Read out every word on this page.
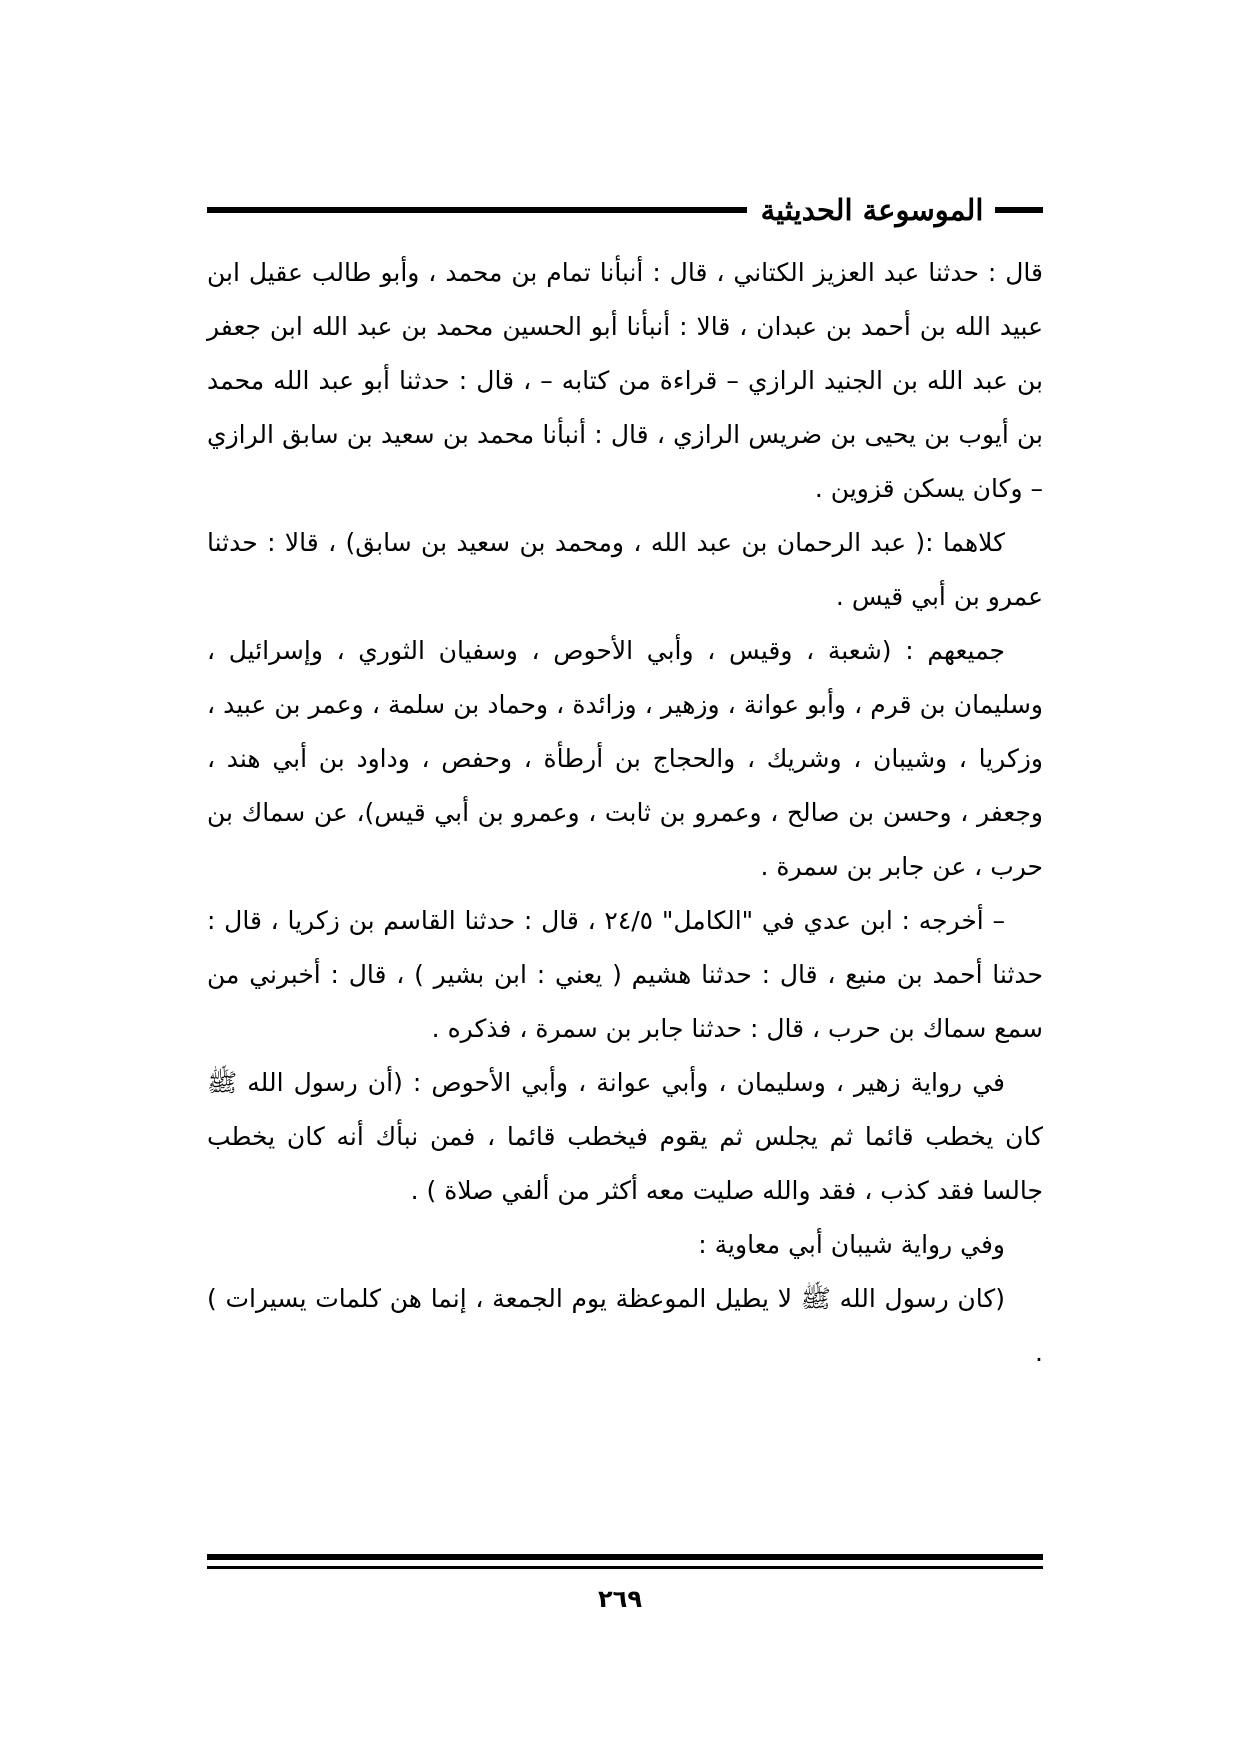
الموسوعة الحديثية

قال : حدثنا عبد العزيز الكتاني ، قال : أنبأنا تمام بن محمد ، وأبو طالب عقيل ابن عبيد الله بن أحمد بن عبدان ، قالا : أنبأنا أبو الحسين محمد بن عبد الله ابن جعفر بن عبد الله بن الجنيد الرازي – قراءة من كتابه – ، قال : حدثنا أبو عبد الله محمد بن أيوب بن يحيى بن ضريس الرازي ، قال : أنبأنا محمد بن سعيد بن سابق الرازي – وكان يسكن قزوين .

كلاهما :( عبد الرحمان بن عبد الله ، ومحمد بن سعيد بن سابق) ، قالا : حدثنا عمرو بن أبي قيس .

جميعهم : (شعبة ، وقيس ، وأبي الأحوص ، وسفيان الثوري ، وإسرائيل ، وسليمان بن قرم ، وأبو عوانة ، وزهير ، وزائدة ، وحماد بن سلمة ، وعمر بن عبيد ، وزكريا ، وشيبان ، وشريك ، والحجاج بن أرطأة ، وحفص ، وداود بن أبي هند ، وجعفر ، وحسن بن صالح ، وعمرو بن ثابت ، وعمرو بن أبي قيس)، عن سماك بن حرب ، عن جابر بن سمرة .

– أخرجه : ابن عدي في "الكامل" ٢٤/٥ ، قال : حدثنا القاسم بن زكريا ، قال : حدثنا أحمد بن منيع ، قال : حدثنا هشيم ( يعني : ابن بشير ) ، قال : أخبرني من سمع سماك بن حرب ، قال : حدثنا جابر بن سمرة ، فذكره .

في رواية زهير ، وسليمان ، وأبي عوانة ، وأبي الأحوص : (أن رسول الله ﷺ كان يخطب قائما ثم يجلس ثم يقوم فيخطب قائما ، فمن نبأك أنه كان يخطب جالسا فقد كذب ، فقد والله صليت معه أكثر من ألفي صلاة ) .

وفي رواية شيبان أبي معاوية :

(كان رسول الله ﷺ لا يطيل الموعظة يوم الجمعة ، إنما هن كلمات يسيرات ) .

٢٦٩
